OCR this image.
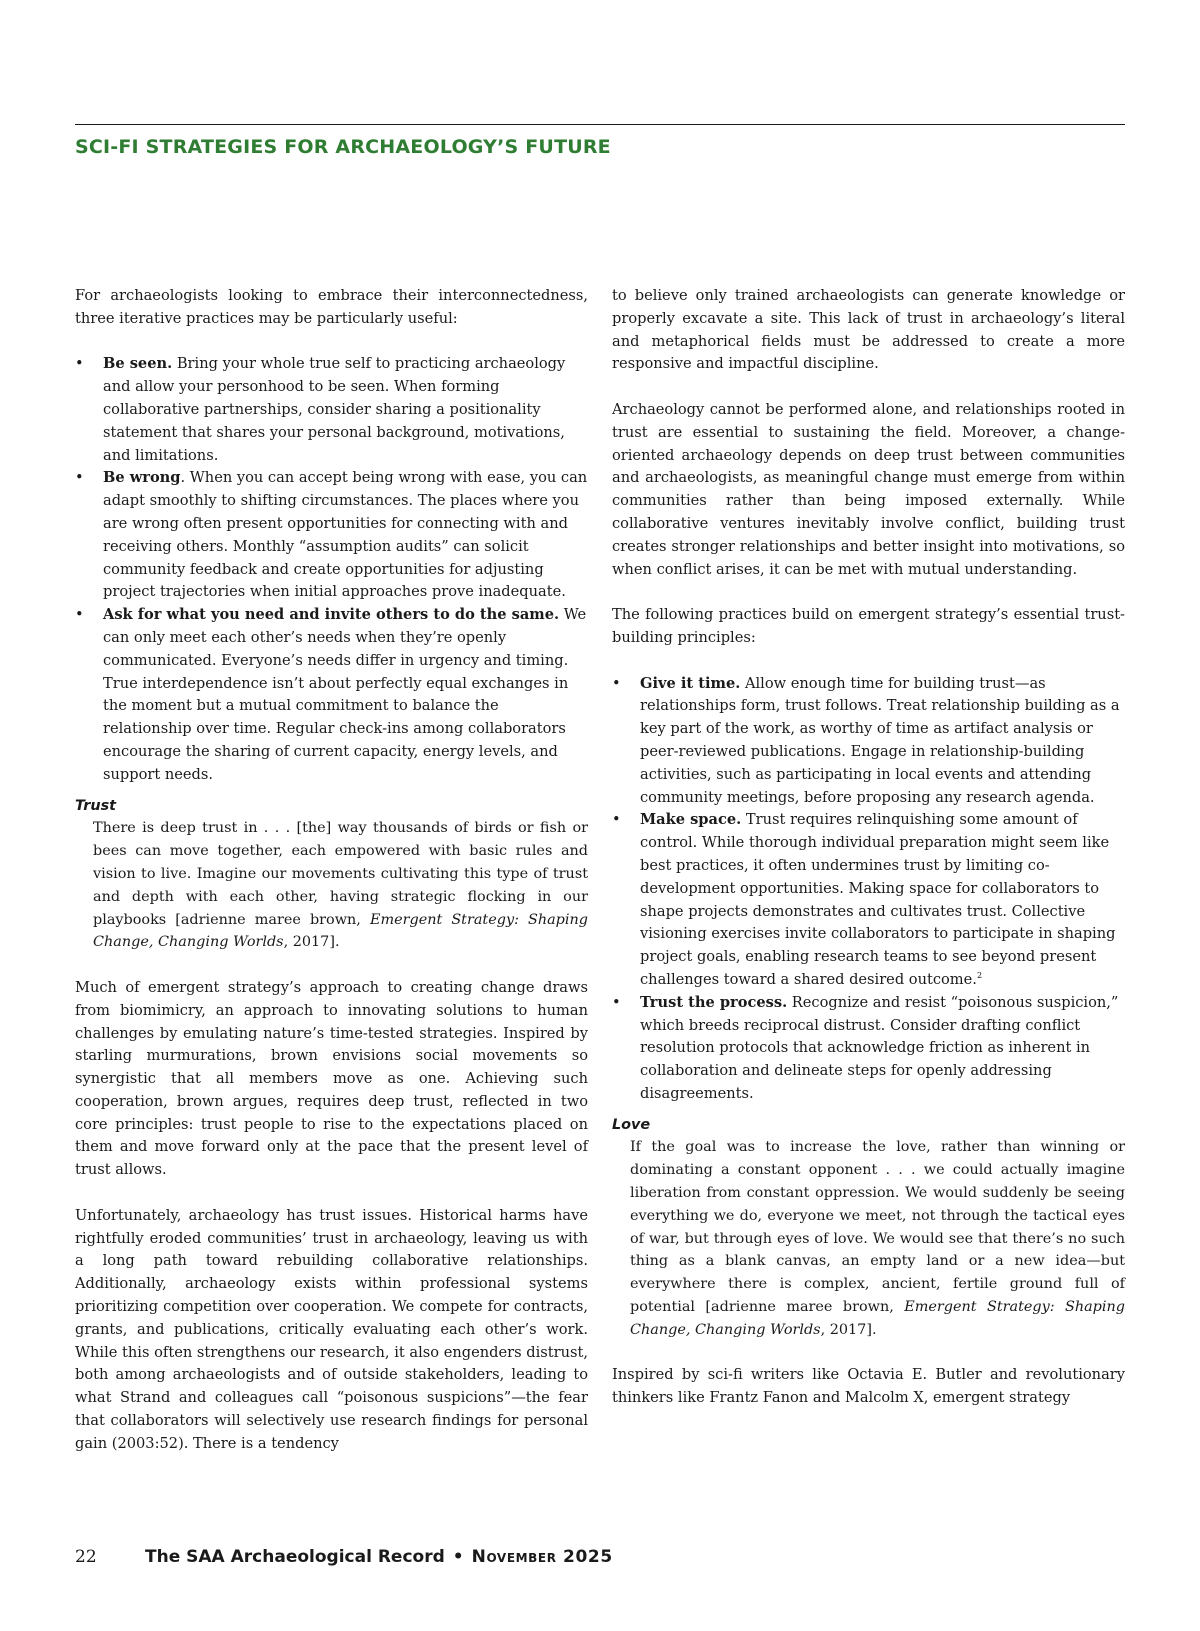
SCI-FI STRATEGIES FOR ARCHAEOLOGY’S FUTURE

For archaeologists looking to embrace their interconnectedness, three iterative practices may be particularly useful:

• Be seen. Bring your whole true self to practicing archaeology and allow your personhood to be seen. When forming collaborative partnerships, consider sharing a positionality statement that shares your personal background, motivations, and limitations.
• Be wrong. When you can accept being wrong with ease, you can adapt smoothly to shifting circumstances. The places where you are wrong often present opportunities for connecting with and receiving others. Monthly “assumption audits” can solicit community feedback and create opportunities for adjusting project trajectories when initial approaches prove inadequate.
• Ask for what you need and invite others to do the same. We can only meet each other’s needs when they’re openly communicated. Everyone’s needs differ in urgency and timing. True interdependence isn’t about perfectly equal exchanges in the moment but a mutual commitment to balance the relationship over time. Regular check-ins among collaborators encourage the sharing of current capacity, energy levels, and support needs.
Trust

There is deep trust in . . . [the] way thousands of birds or fish or bees can move together, each empowered with basic rules and vision to live. Imagine our movements cultivating this type of trust and depth with each other, having strategic flocking in our playbooks [adrienne maree brown, Emergent Strategy: Shaping Change, Changing Worlds, 2017].

Much of emergent strategy’s approach to creating change draws from biomimicry, an approach to innovating solutions to human challenges by emulating nature’s time-tested strategies. Inspired by starling murmurations, brown envisions social movements so synergistic that all members move as one. Achieving such cooperation, brown argues, requires deep trust, reflected in two core principles: trust people to rise to the expectations placed on them and move forward only at the pace that the present level of trust allows.

Unfortunately, archaeology has trust issues. Historical harms have rightfully eroded communities’ trust in archaeology, leaving us with a long path toward rebuilding collaborative relationships. Additionally, archaeology exists within professional systems prioritizing competition over cooperation. We compete for contracts, grants, and publications, critically evaluating each other’s work. While this often strengthens our research, it also engenders distrust, both among archaeologists and of outside stakeholders, leading to what Strand and colleagues call “poisonous suspicions”—the fear that collaborators will selectively use research findings for personal gain (2003:52). There is a tendency

to believe only trained archaeologists can generate knowledge or properly excavate a site. This lack of trust in archaeology’s literal and metaphorical fields must be addressed to create a more responsive and impactful discipline.

Archaeology cannot be performed alone, and relationships rooted in trust are essential to sustaining the field. Moreover, a change-oriented archaeology depends on deep trust between communities and archaeologists, as meaningful change must emerge from within communities rather than being imposed externally. While collaborative ventures inevitably involve conflict, building trust creates stronger relationships and better insight into motivations, so when conflict arises, it can be met with mutual understanding.

The following practices build on emergent strategy’s essential trust-building principles:

• Give it time. Allow enough time for building trust—as relationships form, trust follows. Treat relationship building as a key part of the work, as worthy of time as artifact analysis or peer-reviewed publications. Engage in relationship-building activities, such as participating in local events and attending community meetings, before proposing any research agenda.
• Make space. Trust requires relinquishing some amount of control. While thorough individual preparation might seem like best practices, it often undermines trust by limiting co-development opportunities. Making space for collaborators to shape projects demonstrates and cultivates trust. Collective visioning exercises invite collaborators to participate in shaping project goals, enabling research teams to see beyond present challenges toward a shared desired outcome.$^2$
• Trust the process. Recognize and resist “poisonous suspicion,” which breeds reciprocal distrust. Consider drafting conflict resolution protocols that acknowledge friction as inherent in collaboration and delineate steps for openly addressing disagreements.
Love

If the goal was to increase the love, rather than winning or dominating a constant opponent . . . we could actually imagine liberation from constant oppression. We would suddenly be seeing everything we do, everyone we meet, not through the tactical eyes of war, but through eyes of love. We would see that there’s no such thing as a blank canvas, an empty land or a new idea—but everywhere there is complex, ancient, fertile ground full of potential [adrienne maree brown, Emergent Strategy: Shaping Change, Changing Worlds, 2017].

Inspired by sci-fi writers like Octavia E. Butler and revolutionary thinkers like Frantz Fanon and Malcolm X, emergent strategy

22	The SAA Archaeological Record • November 2025
